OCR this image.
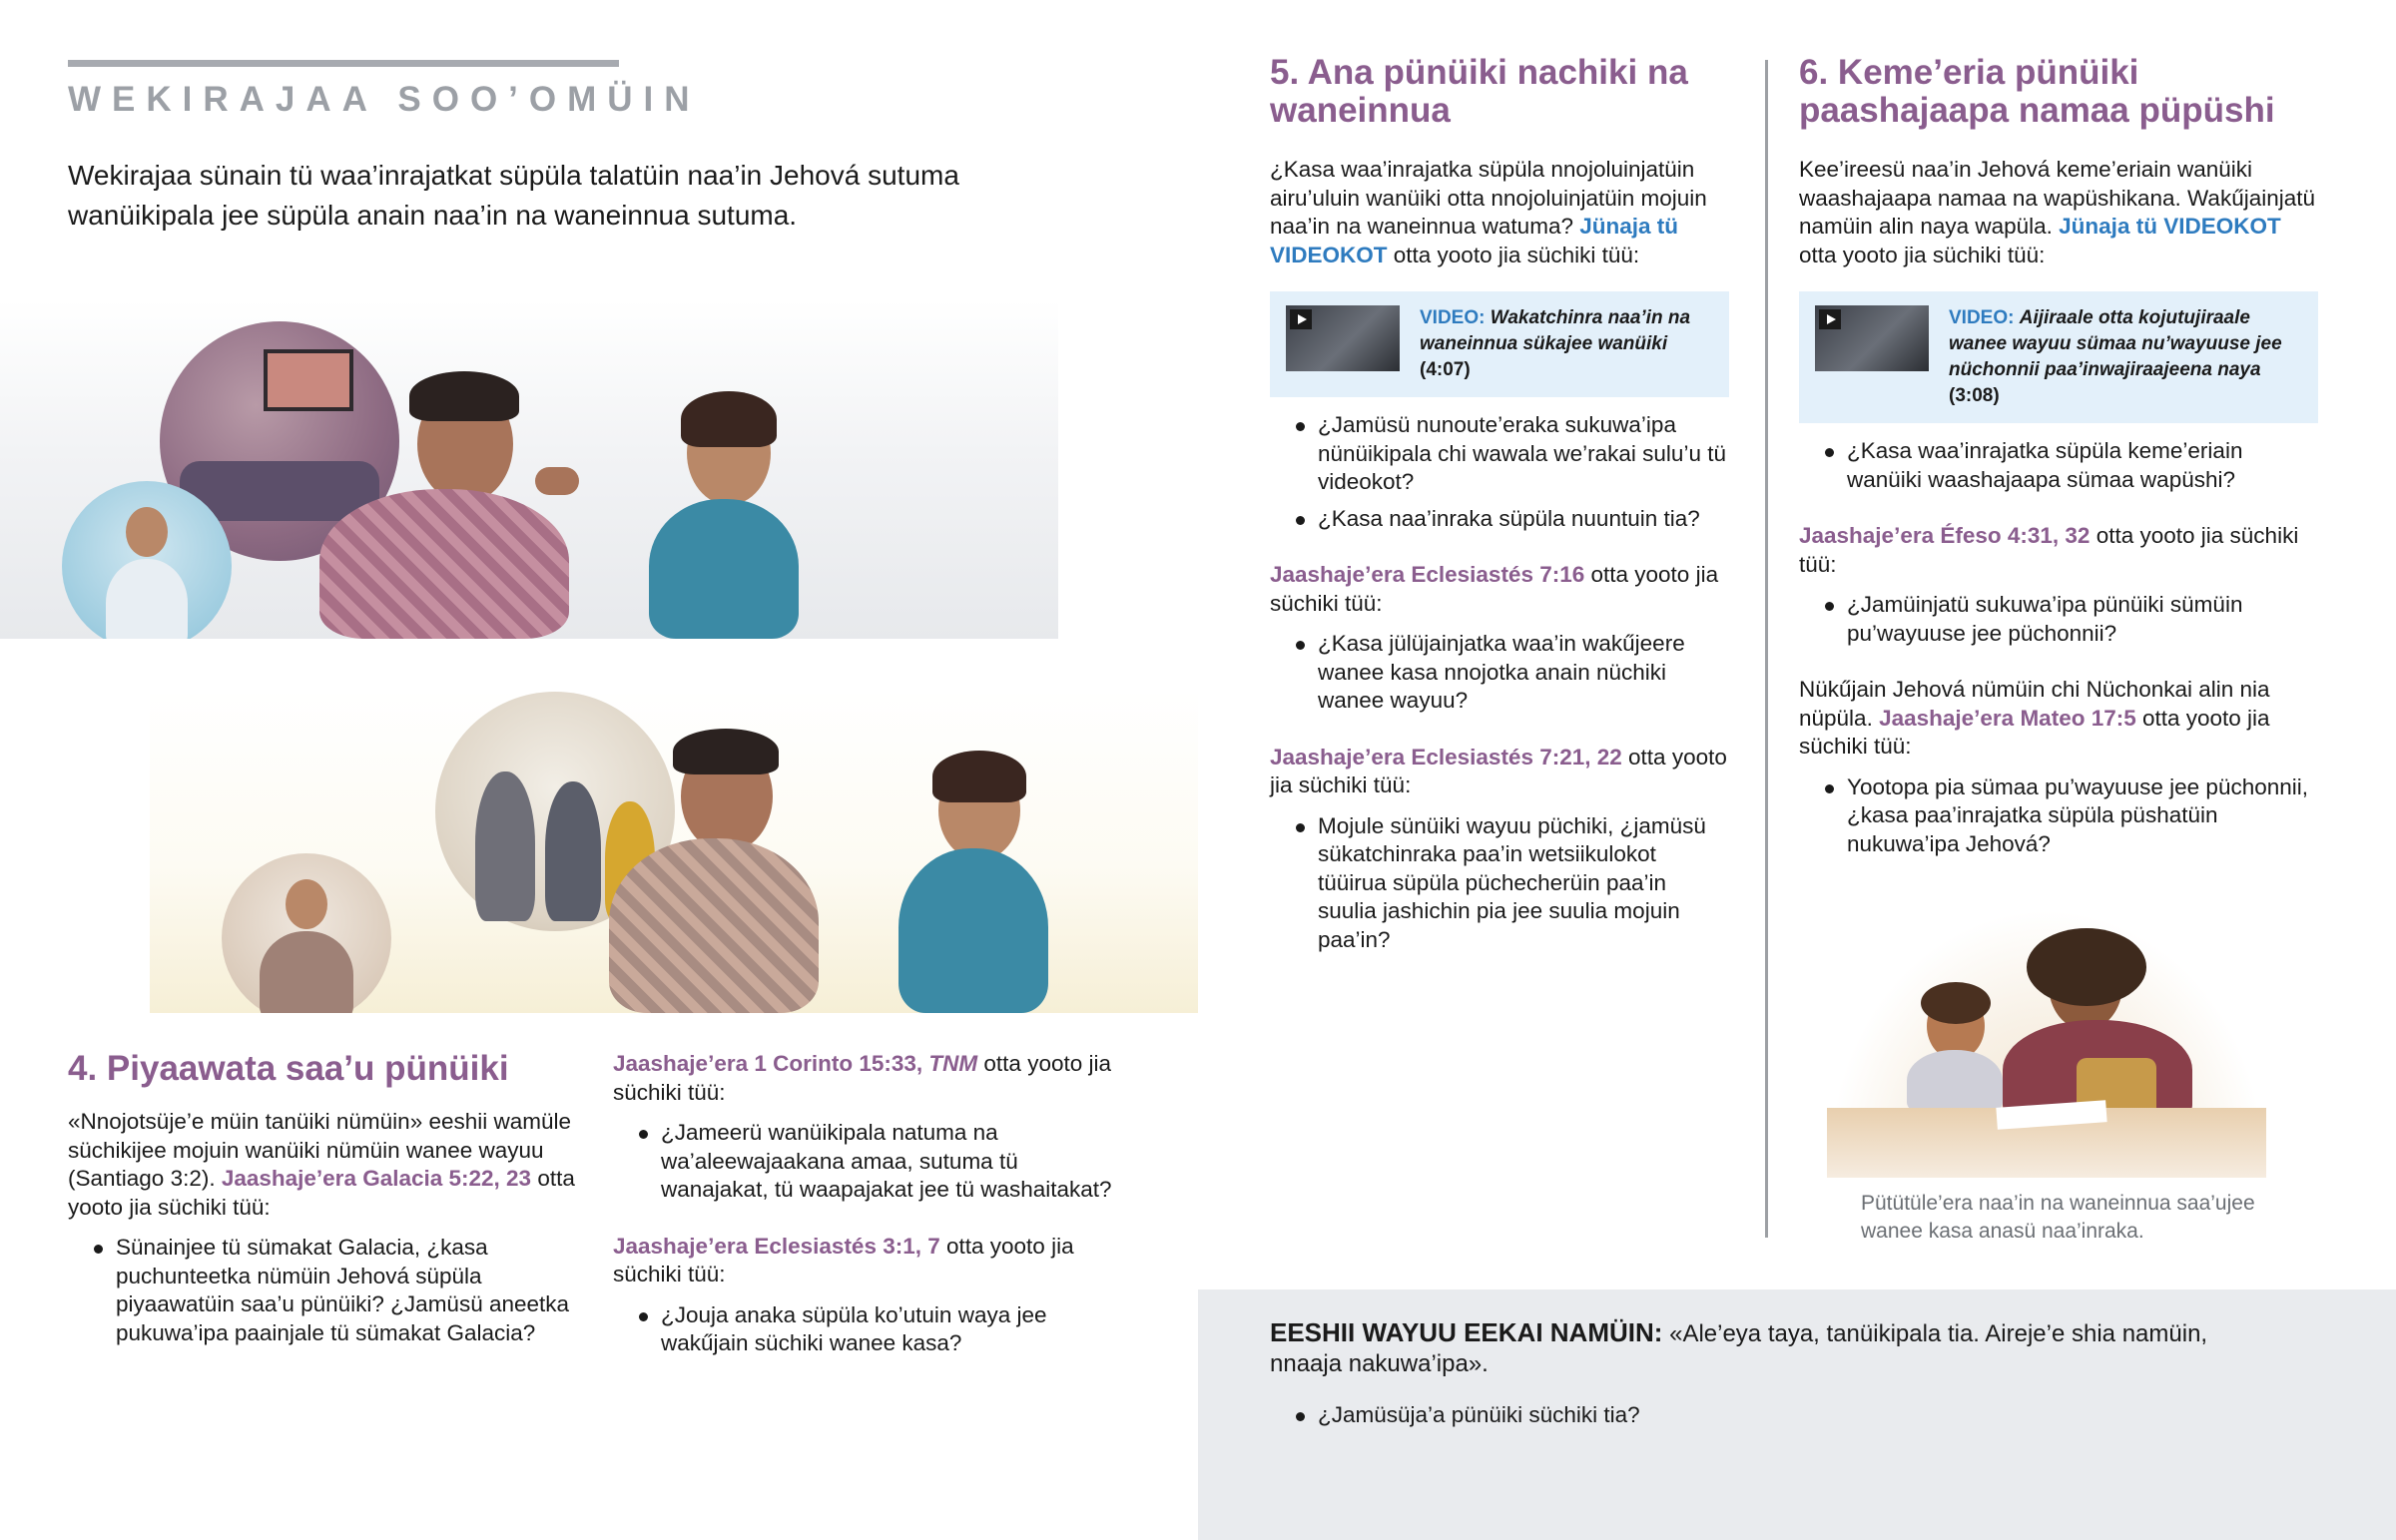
WEKIRAJAA SOO’OMÜIN

Wekirajaa sünain tü waa’inrajatkat süpüla talatüin naa’in Jehová sutuma wanüikipala jee süpüla anain naa’in na waneinnua sutuma.

4. Piyaawata saa’u pünüiki

«Nnojotsüje’e müin tanüiki nümüin» eeshii wamüle süchikijee mojuin wanüiki nümüin wanee wayuu (Santiago 3:2). Jaashaje’era Galacia 5:22, 23 otta yooto jia süchiki tüü:

Sünainjee tü sümakat Galacia, ¿kasa puchunteetka nümüin Jehová süpüla piyaawatüin saa’u pünüiki? ¿Jamüsü aneetka pukuwa’ipa paainjale tü sümakat Galacia?

Jaashaje’era 1 Corinto 15:33, TNM otta yooto jia süchiki tüü:

¿Jameerü wanüikipala natuma na wa’aleewajaakana amaa, sutuma tü wanajakat, tü waapajakat jee tü washaitakat?

Jaashaje’era Eclesiastés 3:1, 7 otta yooto jia süchiki tüü:

¿Jouja anaka süpüla ko’utuin waya jee wakűjain süchiki wanee kasa?
5. Ana pünüiki nachiki na waneinnua

¿Kasa waa’inrajatka süpüla nnojoluinjatüin airu’uluin wanüiki otta nnojoluinjatüin mojuin naa’in na waneinnua watuma? Jünaja tü VIDEOKOT otta yooto jia süchiki tüü:

VIDEO: Wakatchinra naa’in na waneinnua sükajee wanüiki (4:07)
¿Jamüsü nunoute’eraka sukuwa’ipa nünüikipala chi wawala we’rakai sulu’u tü videokot?
¿Kasa naa’inraka süpüla nuuntuin tia?

Jaashaje’era Eclesiastés 7:16 otta yooto jia süchiki tüü:

¿Kasa jülüjainjatka waa’in wakűjeere wanee kasa nnojotka anain nüchiki wanee wayuu?

Jaashaje’era Eclesiastés 7:21, 22 otta yooto jia süchiki tüü:

Mojule sünüiki wayuu püchiki, ¿jamüsü sükatchinraka paa’in wetsiikulokot tüüirua süpüla püchecherüin paa’in suulia jashichin pia jee suulia mojuin paa’in?
6. Keme’eria pünüiki paashajaapa namaa püpüshi

Kee’ireesü naa’in Jehová keme’eriain wanüiki waashajaapa namaa na wapüshikana. Wakűjainjatü namüin alin naya wapüla. Jünaja tü VIDEOKOT otta yooto jia süchiki tüü:

VIDEO: Aijiraale otta kojutujiraale wanee wayuu sümaa nu’wayuuse jee nüchonnii paa’inwajiraajeena naya (3:08)
¿Kasa waa’inrajatka süpüla keme’eriain wanüiki waashajaapa sümaa wapüshi?

Jaashaje’era Éfeso 4:31, 32 otta yooto jia süchiki tüü:

¿Jamüinjatü sukuwa’ipa pünüiki sümüin pu’wayuuse jee püchonnii?

Nükűjain Jehová nümüin chi Nüchonkai alin nia nüpüla. Jaashaje’era Mateo 17:5 otta yooto jia süchiki tüü:

Yootopa pia sümaa pu’wayuuse jee püchonnii, ¿kasa paa’inrajatka süpüla püshatüin nukuwa’ipa Jehová?

Pütütüle’era naa’in na waneinnua saa’ujee wanee kasa anasü naa’inraka.

EESHII WAYUU EEKAI NAMÜIN: «Ale’eya taya, tanüikipala tia. Aireje’e shia namüin, nnaaja nakuwa’ipa».

¿Jamüsüja’a pünüiki süchiki tia?
